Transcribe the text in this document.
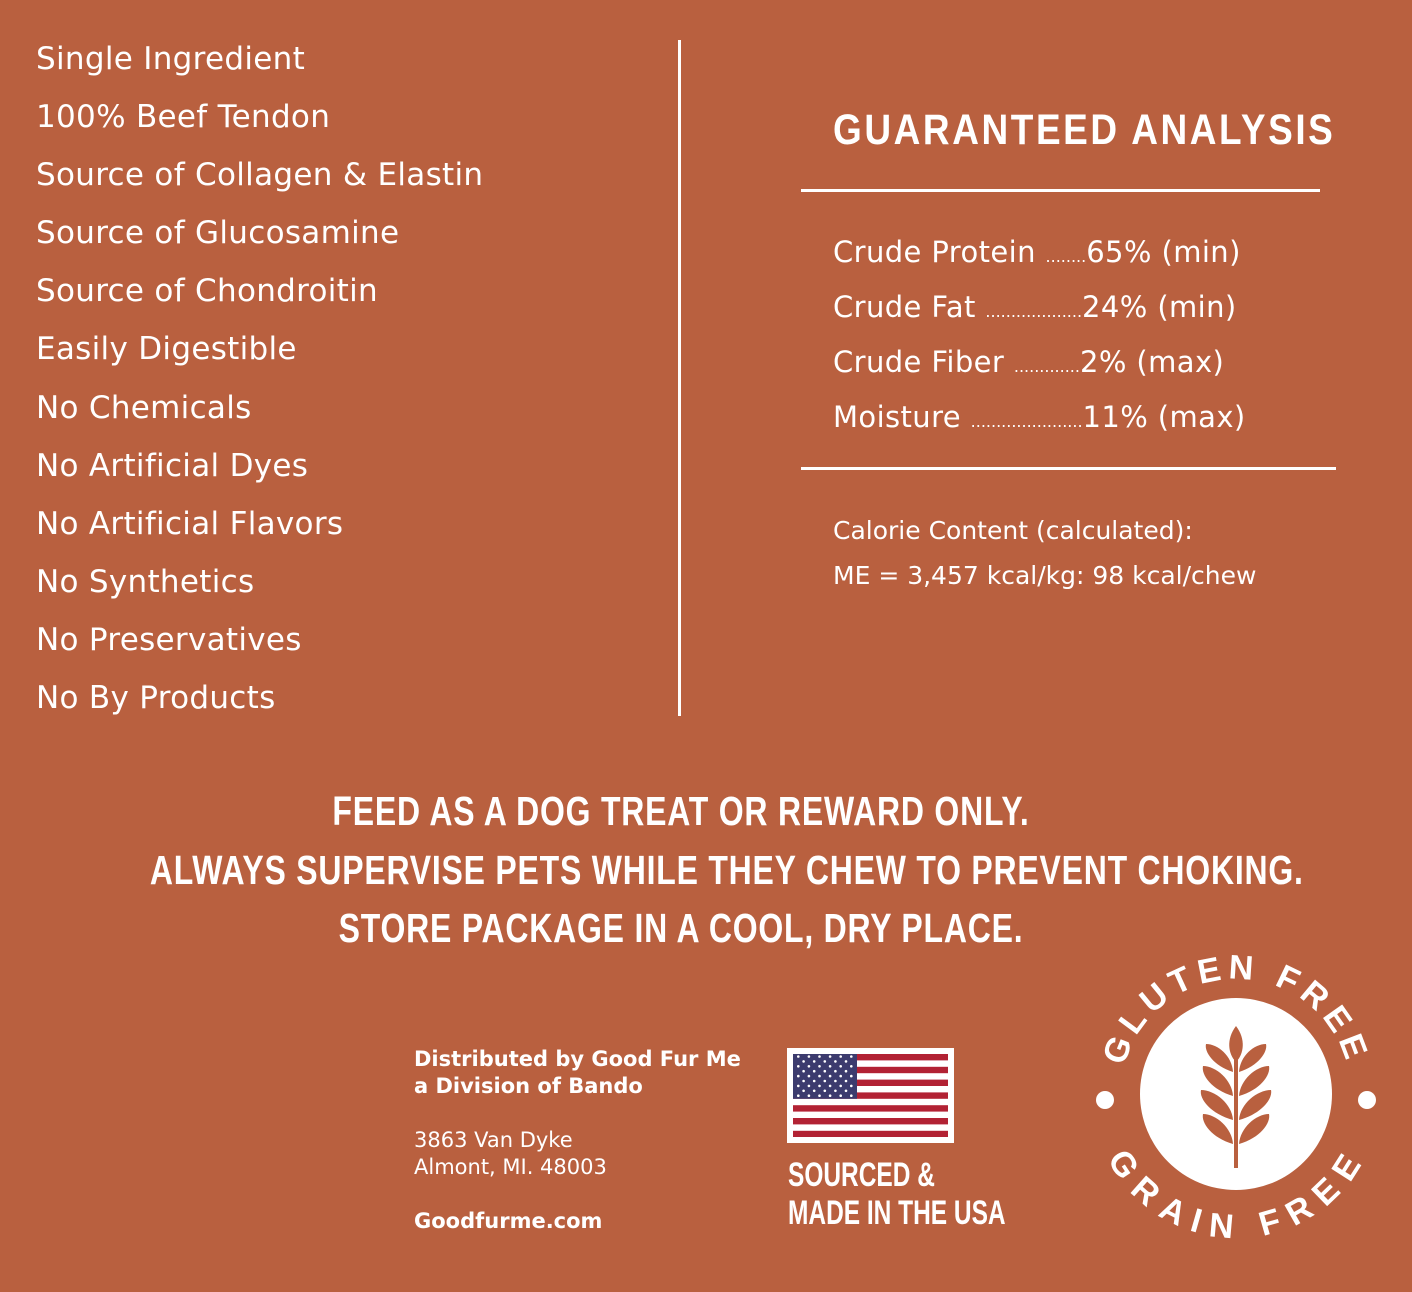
Single Ingredient
100% Beef Tendon
Source of Collagen & Elastin
Source of Glucosamine
Source of Chondroitin
Easily Digestible
No Chemicals
No Artificial Dyes
No Artificial Flavors
No Synthetics
No Preservatives
No By Products
GUARANTEED ANALYSIS
Crude Protein ........65% (min)
Crude Fat ...................24% (min)
Crude Fiber .............2% (max)
Moisture ......................11% (max)
Calorie Content (calculated):
ME = 3,457 kcal/kg: 98 kcal/chew
FEED AS A DOG TREAT OR REWARD ONLY.
ALWAYS SUPERVISE PETS WHILE THEY CHEW TO PREVENT CHOKING.
STORE PACKAGE IN A COOL, DRY PLACE.
Distributed by Good Fur Me
a Division of Bando
3863 Van Dyke
Almont, MI. 48003
Goodfurme.com
SOURCED &
MADE IN THE USA
GLUTEN FREE
GRAIN FREE
